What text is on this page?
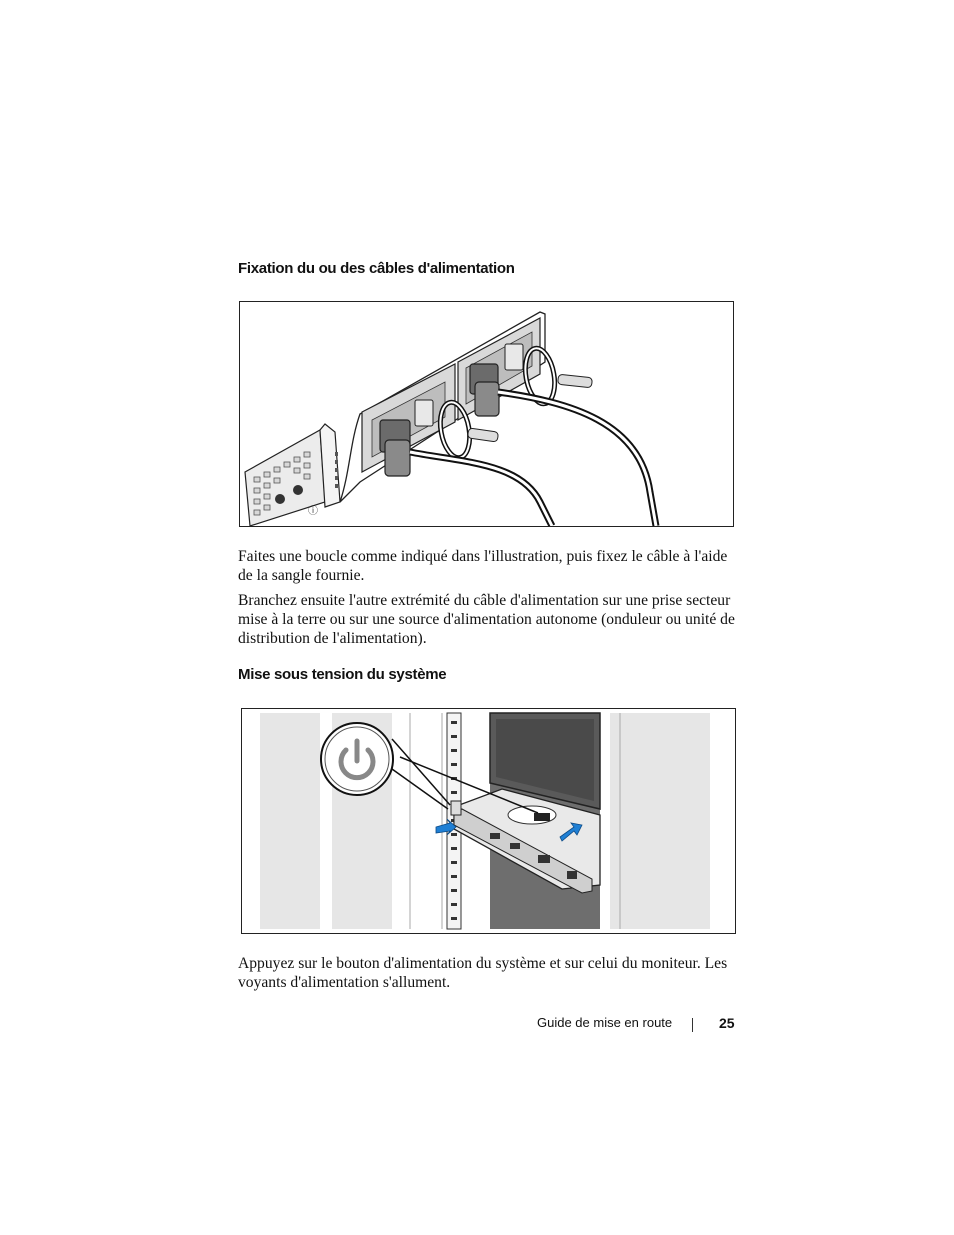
Fixation du ou des câbles d'alimentation
ⓘ

Faites une boucle comme indiqué dans l'illustration, puis fixez le câble à l'aide de la sangle fournie.

Branchez ensuite l'autre extrémité du câble d'alimentation sur une prise secteur mise à la terre ou sur une source d'alimentation autonome (onduleur ou unité de distribution de l'alimentation).

Mise sous tension du système

Appuyez sur le bouton d'alimentation du système et sur celui du moniteur. Les voyants d'alimentation s'allument.

Guide de mise en route	25
